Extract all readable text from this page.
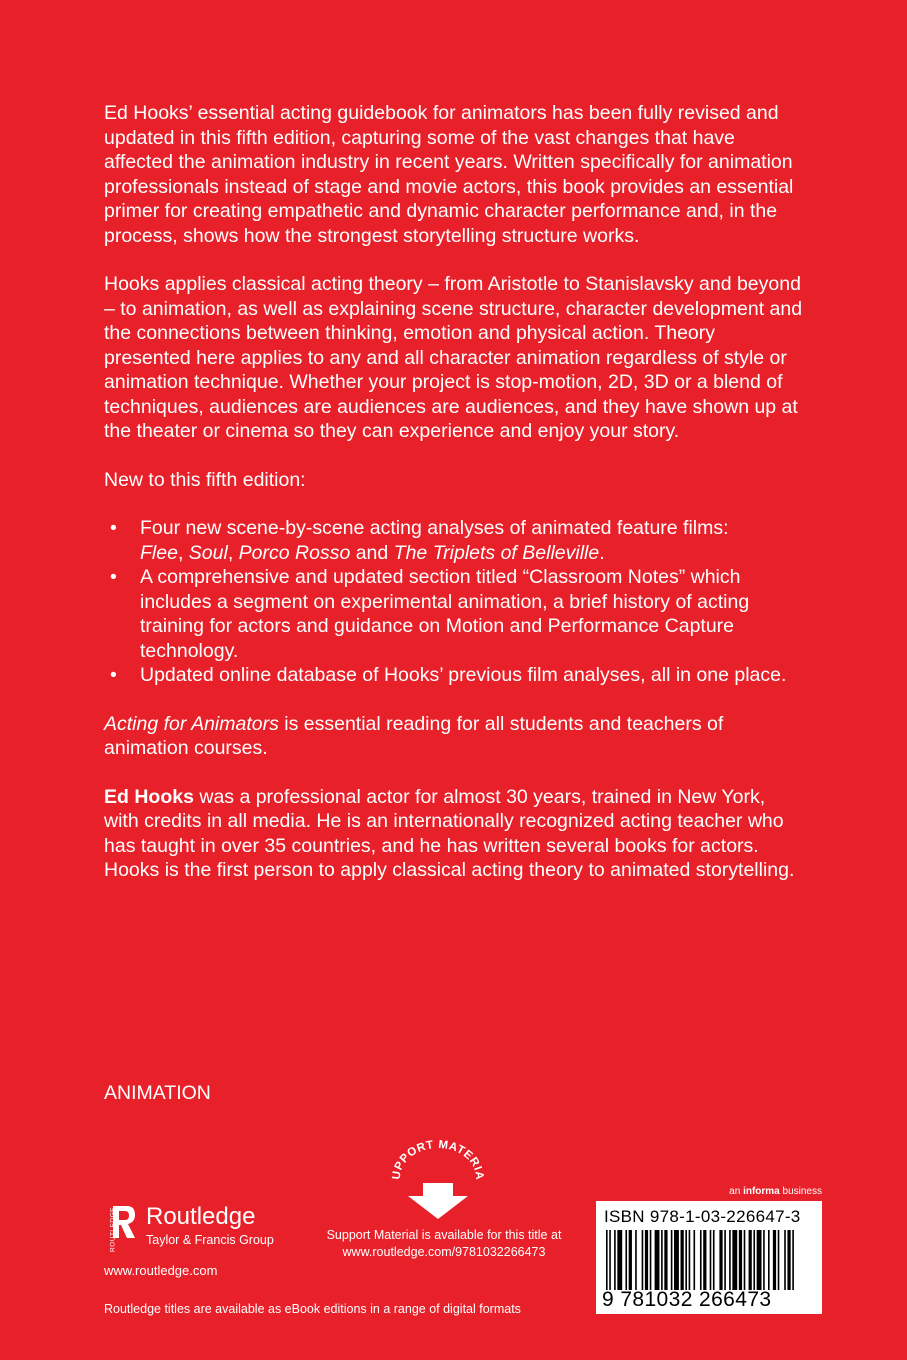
Ed Hooks’ essential acting guidebook for animators has been fully revised and updated in this fifth edition, capturing some of the vast changes that have affected the animation industry in recent years. Written specifically for animation professionals instead of stage and movie actors, this book provides an essential primer for creating empathetic and dynamic character performance and, in the process, shows how the strongest storytelling structure works.

Hooks applies classical acting theory – from Aristotle to Stanislavsky and beyond – to animation, as well as explaining scene structure, character development and the connections between thinking, emotion and physical action. Theory presented here applies to any and all character animation regardless of style or animation technique. Whether your project is stop-motion, 2D, 3D or a blend of techniques, audiences are audiences are audiences, and they have shown up at the theater or cinema so they can experience and enjoy your story.

New to this fifth edition:

• Four new scene-by-scene acting analyses of animated feature films:
Flee, Soul, Porco Rosso and The Triplets of Belleville.
• A comprehensive and updated section titled “Classroom Notes” which includes a segment on experimental animation, a brief history of acting training for actors and guidance on Motion and Performance Capture technology.
• Updated online database of Hooks’ previous film analyses, all in one place.

Acting for Animators is essential reading for all students and teachers of animation courses.

Ed Hooks was a professional actor for almost 30 years, trained in New York, with credits in all media. He is an internationally recognized acting teacher who has taught in over 35 countries, and he has written several books for actors. Hooks is the first person to apply classical acting theory to animated storytelling.

ANIMATION
ROUTLEDGE Routledge
Taylor & Francis Group
www.routledge.com
Routledge titles are available as eBook editions in a range of digital formats
UPPORT MATERIA
Support Material is available for this title at
www.routledge.com/9781032266473
an informa business
ISBN 978-1-03-226647-3
9 781032 266473
